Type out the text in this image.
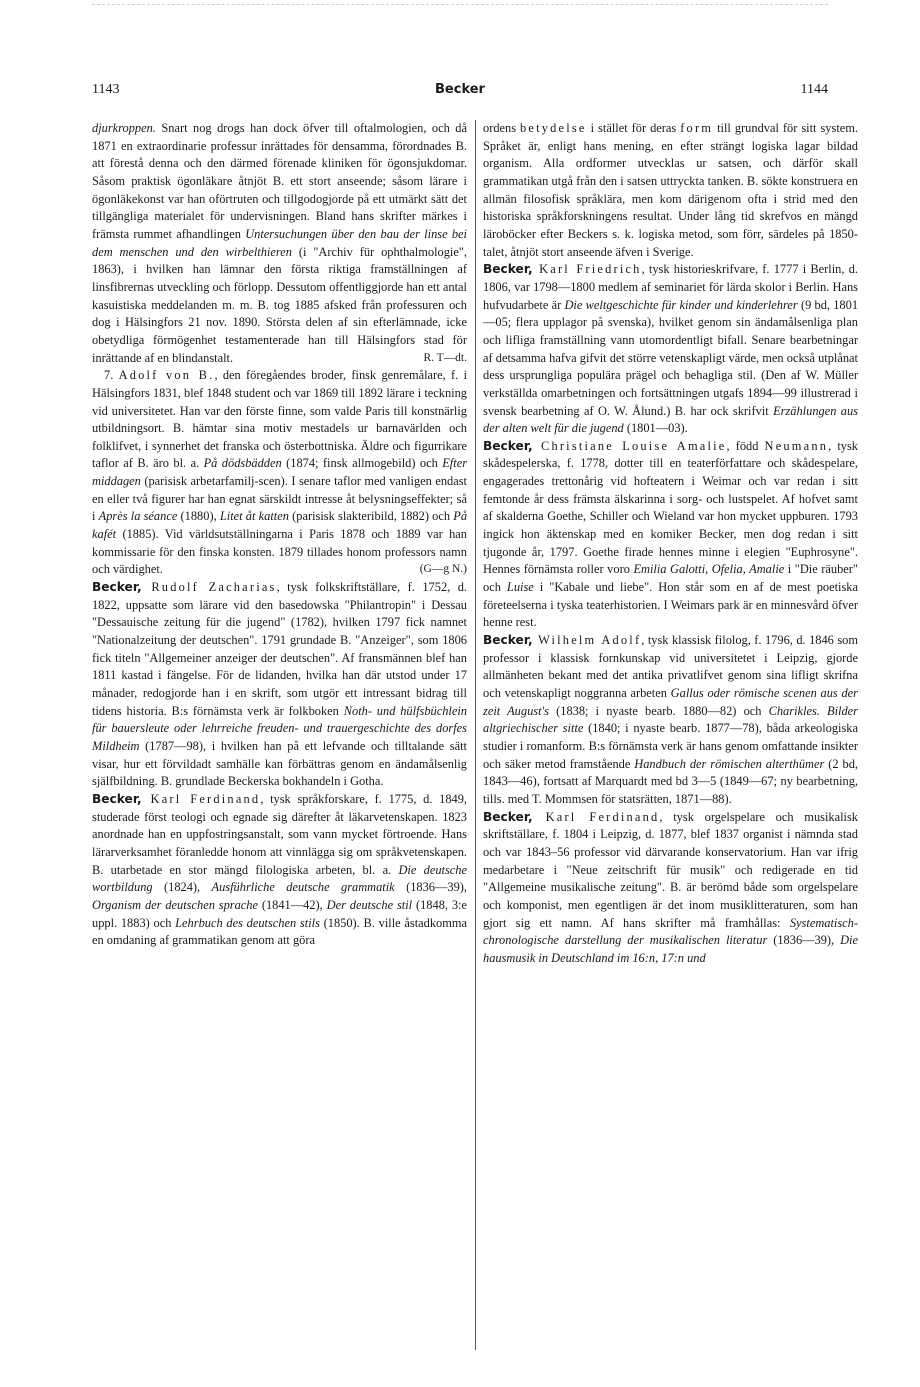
1143	Becker	1144

djurkroppen. Snart nog drogs han dock öfver till oftalmologien, och då 1871 en extraordinarie professur inrättades för densamma, förordnades B. att förestå denna och den därmed förenade kliniken för ögonsjukdomar. Såsom praktisk ögonläkare åtnjöt B. ett stort anseende; såsom lärare i ögonläkekonst var han oförtruten och tillgodogjorde på ett utmärkt sätt det tillgängliga materialet för undervisningen. Bland hans skrifter märkes i främsta rummet afhandlingen Untersuchungen über den bau der linse bei dem menschen und den wirbelthieren (i "Archiv für ophthalmologie", 1863), i hvilken han lämnar den första riktiga framställningen af linsfibrernas utveckling och förlopp. Dessutom offentliggjorde han ett antal kasuistiska meddelanden m. m. B. tog 1885 afsked från professuren och dog i Hälsingfors 21 nov. 1890. Största delen af sin efterlämnade, icke obetydliga förmögenhet testamenterade han till Hälsingfors stad för inrättande af en blindanstalt.	R. T—dt.

7. Adolf von B., den föregåendes broder, finsk genremålare, f. i Hälsingfors 1831, blef 1848 student och var 1869 till 1892 lärare i teckning vid universitetet. Han var den förste finne, som valde Paris till konstnärlig utbildningsort. B. hämtar sina motiv mestadels ur barnavärlden och folklifvet, i synnerhet det franska och österbottniska. Äldre och figurrikare taflor af B. äro bl. a. På dödsbädden (1874; finsk allmogebild) och Efter middagen (parisisk arbetarfamilj-scen). I senare taflor med vanligen endast en eller två figurer har han egnat särskildt intresse åt belysningseffekter; så i Après la séance (1880), Litet åt katten (parisisk slakteribild, 1882) och På kafét (1885). Vid världsutställningarna i Paris 1878 och 1889 var han kommissarie för den finska konsten. 1879 tillades honom professors namn och värdighet.	(G—g N.)

Becker, Rudolf Zacharias, tysk folkskriftställare, f. 1752, d. 1822, uppsatte som lärare vid den basedowska "Philantropin" i Dessau "Dessauische zeitung für die jugend" (1782), hvilken 1797 fick namnet "Nationalzeitung der deutschen". 1791 grundade B. "Anzeiger", som 1806 fick titeln "Allgemeiner anzeiger der deutschen". Af fransmännen blef han 1811 kastad i fängelse. För de lidanden, hvilka han där utstod under 17 månader, redogjorde han i en skrift, som utgör ett intressant bidrag till tidens historia. B:s förnämsta verk är folkboken Noth- und hülfsbüchlein für bauersleute oder lehrreiche freuden- und trauergeschichte des dorfes Mildheim (1787—98), i hvilken han på ett lefvande och tilltalande sätt visar, hur ett förvildadt samhälle kan förbättras genom en ändamålsenlig själfbildning. B. grundlade Beckerska bokhandeln i Gotha.

Becker, Karl Ferdinand, tysk språkforskare, f. 1775, d. 1849, studerade först teologi och egnade sig därefter åt läkarvetenskapen. 1823 anordnade han en uppfostringsanstalt, som vann mycket förtroende. Hans lärarverksamhet föranledde honom att vinnlägga sig om språkvetenskapen. B. utarbetade en stor mängd filologiska arbeten, bl. a. Die deutsche wortbildung (1824), Ausführliche deutsche grammatik (1836—39), Organism der deutschen sprache (1841—42), Der deutsche stil (1848, 3:e uppl. 1883) och Lehrbuch des deutschen stils (1850). B. ville åstadkomma en omdaning af grammatikan genom att göra

ordens betydelse i stället för deras form till grundval för sitt system. Språket är, enligt hans mening, en efter strängt logiska lagar bildad organism. Alla ordformer utvecklas ur satsen, och därför skall grammatikan utgå från den i satsen uttryckta tanken. B. sökte konstruera en allmän filosofisk språklära, men kom därigenom ofta i strid med den historiska språkforskningens resultat. Under lång tid skrefvos en mängd läroböcker efter Beckers s. k. logiska metod, som förr, särdeles på 1850-talet, åtnjöt stort anseende äfven i Sverige.

Becker, Karl Friedrich, tysk historieskrifvare, f. 1777 i Berlin, d. 1806, var 1798—1800 medlem af seminariet för lärda skolor i Berlin. Hans hufvudarbete är Die weltgeschichte für kinder und kinderlehrer (9 bd, 1801—05; flera upplagor på svenska), hvilket genom sin ändamålsenliga plan och lifliga framställning vann utomordentligt bifall. Senare bearbetningar af detsamma hafva gifvit det större vetenskapligt värde, men också utplånat dess ursprungliga populära prägel och behagliga stil. (Den af W. Müller verkställda omarbetningen och fortsättningen utgafs 1894—99 illustrerad i svensk bearbetning af O. W. Ålund.) B. har ock skrifvit Erzählungen aus der alten welt für die jugend (1801—03).

Becker, Christiane Louise Amalie, född Neumann, tysk skådespelerska, f. 1778, dotter till en teaterförfattare och skådespelare, engagerades trettonårig vid hofteatern i Weimar och var redan i sitt femtonde år dess främsta älskarinna i sorg- och lustspelet. Af hofvet samt af skalderna Goethe, Schiller och Wieland var hon mycket uppburen. 1793 ingick hon äktenskap med en komiker Becker, men dog redan i sitt tjugonde år, 1797. Goethe firade hennes minne i elegien "Euphrosyne". Hennes förnämsta roller voro Emilia Galotti, Ofelia, Amalie i "Die räuber" och Luise i "Kabale und liebe". Hon står som en af de mest poetiska företeelserna i tyska teaterhistorien. I Weimars park är en minnesvård öfver henne rest.

Becker, Wilhelm Adolf, tysk klassisk filolog, f. 1796, d. 1846 som professor i klassisk fornkunskap vid universitetet i Leipzig, gjorde allmänheten bekant med det antika privatlifvet genom sina lifligt skrifna och vetenskapligt noggranna arbeten Gallus oder römische scenen aus der zeit August's (1838; i nyaste bearb. 1880—82) och Charikles. Bilder altgriechischer sitte (1840; i nyaste bearb. 1877—78), båda arkeologiska studier i romanform. B:s förnämsta verk är hans genom omfattande insikter och säker metod framstående Handbuch der römischen alterthümer (2 bd, 1843—46), fortsatt af Marquardt med bd 3—5 (1849—67; ny bearbetning, tills. med T. Mommsen för statsrätten, 1871—88).

Becker, Karl Ferdinand, tysk orgelspelare och musikalisk skriftställare, f. 1804 i Leipzig, d. 1877, blef 1837 organist i nämnda stad och var 1843–56 professor vid därvarande konservatorium. Han var ifrig medarbetare i "Neue zeitschrift für musik" och redigerade en tid "Allgemeine musikalische zeitung". B. är berömd både som orgelspelare och komponist, men egentligen är det inom musiklitteraturen, som han gjort sig ett namn. Af hans skrifter må framhållas: Systematisch-chronologische darstellung der musikalischen literatur (1836—39), Die hausmusik in Deutschland im 16:n, 17:n und
